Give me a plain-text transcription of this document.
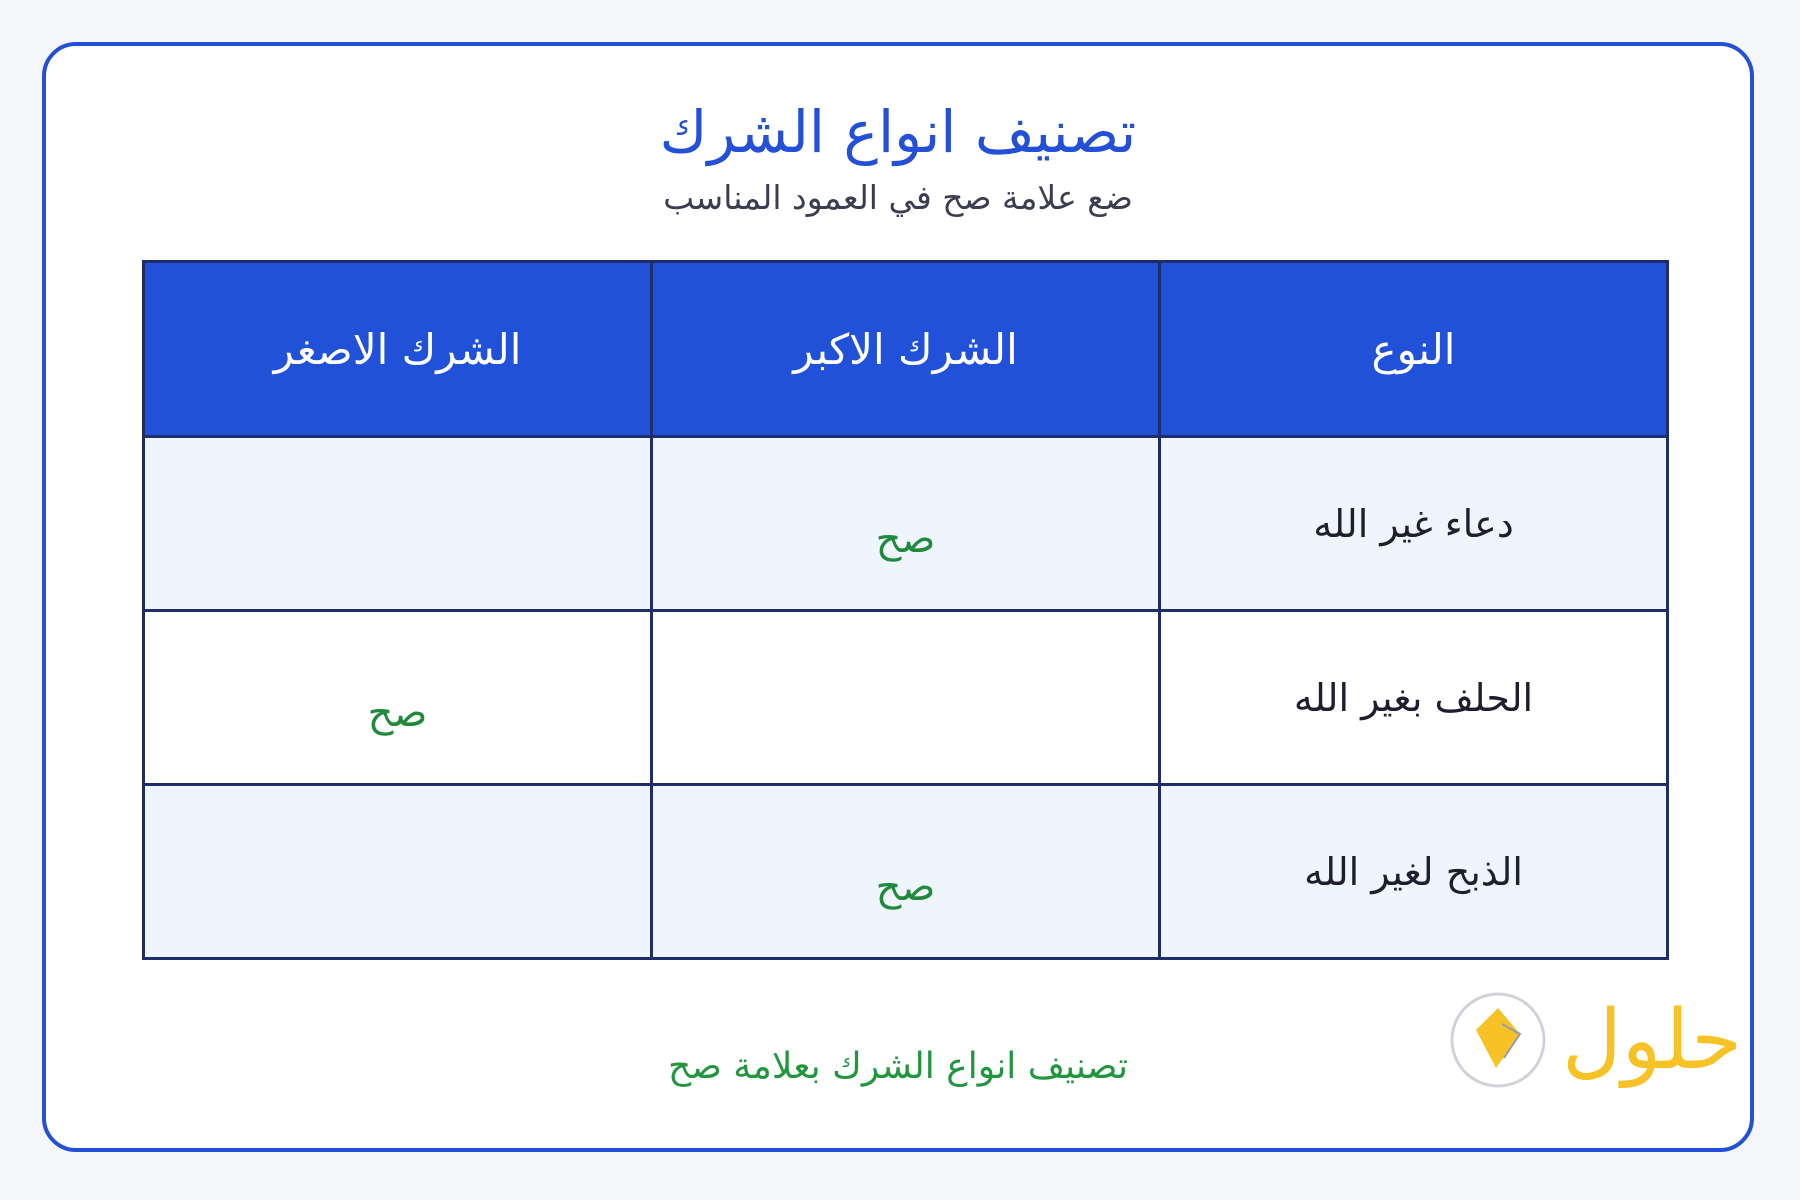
تصنيف انواع الشرك
ضع علامة صح في العمود المناسب
النوع	الشرك الاكبر	الشرك الاصغر
دعاء غير الله	صح	
الحلف بغير الله		صح
الذبح لغير الله	صح	
تصنيف انواع الشرك بعلامة صح	حلول
